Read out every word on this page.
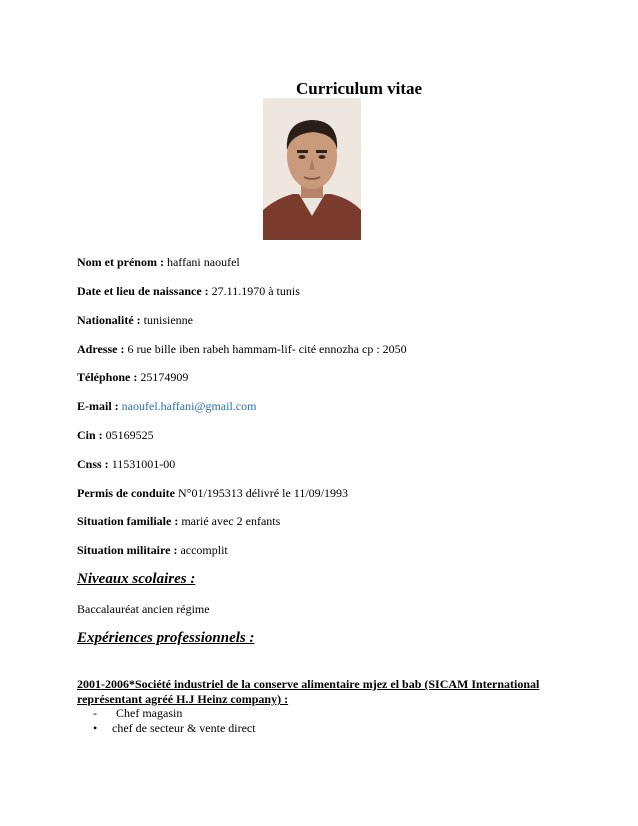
Curriculum vitae
Nom et prénom : haffani naoufel
Date et lieu de naissance : 27.11.1970 à tunis
Nationalité : tunisienne
Adresse : 6 rue bille iben rabeh hammam-lif- cité ennozha cp : 2050
Téléphone : 25174909
E-mail : naoufel.haffani@gmail.com
Cin : 05169525
Cnss : 11531001-00
Permis de conduite N°01/195313 délivré le 11/09/1993
Situation familiale : marié avec 2 enfants
Situation militaire : accomplit
Niveaux scolaires :
Baccalauréat ancien régime
Expériences professionnels :
2001-2006*Société industriel de la conserve alimentaire mjez el bab (SICAM International représentant agréé H.J Heinz company) :
- Chef magasin
• chef de secteur & vente direct
